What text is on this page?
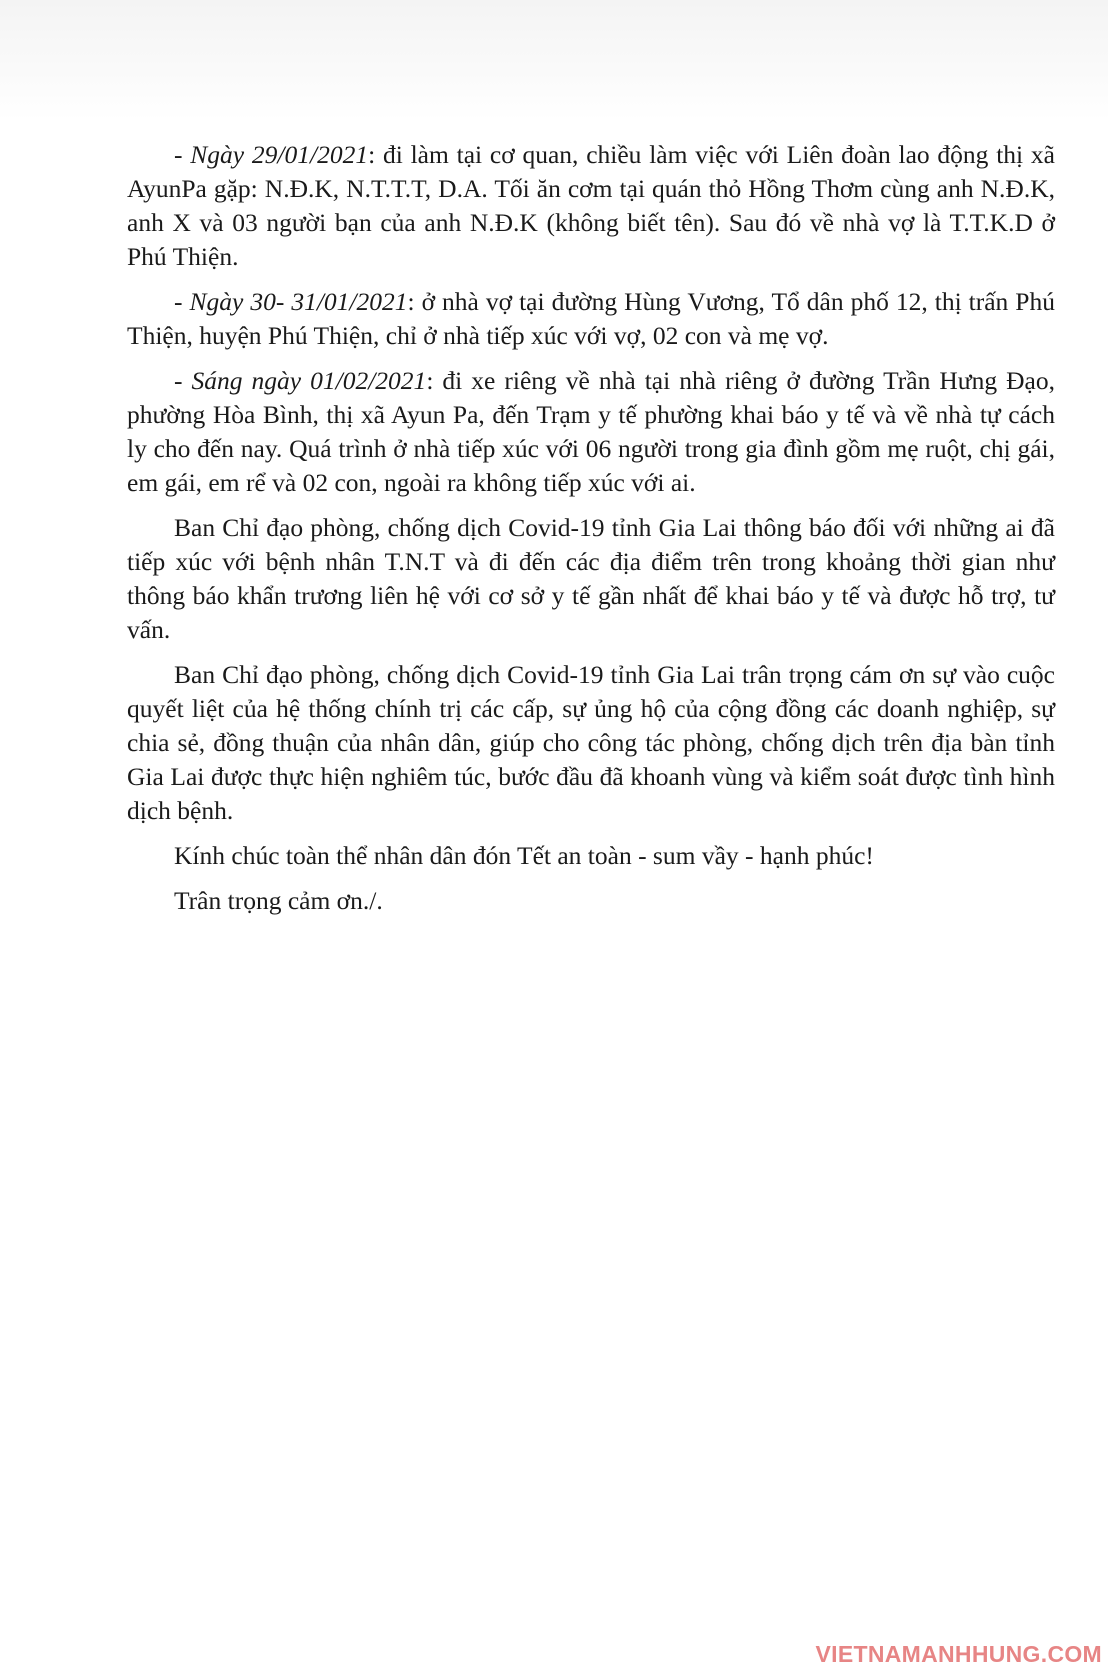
- Ngày 29/01/2021: đi làm tại cơ quan, chiều làm việc với Liên đoàn lao động thị xã AyunPa gặp: N.Đ.K, N.T.T.T, D.A. Tối ăn cơm tại quán thỏ Hồng Thơm cùng anh N.Đ.K, anh X và 03 người bạn của anh N.Đ.K (không biết tên). Sau đó về nhà vợ là T.T.K.D ở Phú Thiện.

- Ngày 30- 31/01/2021: ở nhà vợ tại đường Hùng Vương, Tổ dân phố 12, thị trấn Phú Thiện, huyện Phú Thiện, chỉ ở nhà tiếp xúc với vợ, 02 con và mẹ vợ.

- Sáng ngày 01/02/2021: đi xe riêng về nhà tại nhà riêng ở đường Trần Hưng Đạo, phường Hòa Bình, thị xã Ayun Pa, đến Trạm y tế phường khai báo y tế và về nhà tự cách ly cho đến nay. Quá trình ở nhà tiếp xúc với 06 người trong gia đình gồm mẹ ruột, chị gái, em gái, em rể và 02 con, ngoài ra không tiếp xúc với ai.

Ban Chỉ đạo phòng, chống dịch Covid-19 tỉnh Gia Lai thông báo đối với những ai đã tiếp xúc với bệnh nhân T.N.T và đi đến các địa điểm trên trong khoảng thời gian như thông báo khẩn trương liên hệ với cơ sở y tế gần nhất để khai báo y tế và được hỗ trợ, tư vấn.

Ban Chỉ đạo phòng, chống dịch Covid-19 tỉnh Gia Lai trân trọng cám ơn sự vào cuộc quyết liệt của hệ thống chính trị các cấp, sự ủng hộ của cộng đồng các doanh nghiệp, sự chia sẻ, đồng thuận của nhân dân, giúp cho công tác phòng, chống dịch trên địa bàn tỉnh Gia Lai được thực hiện nghiêm túc, bước đầu đã khoanh vùng và kiểm soát được tình hình dịch bệnh.

Kính chúc toàn thể nhân dân đón Tết an toàn - sum vầy - hạnh phúc!

Trân trọng cảm ơn./.

VIETNAMANHHUNG.COM
